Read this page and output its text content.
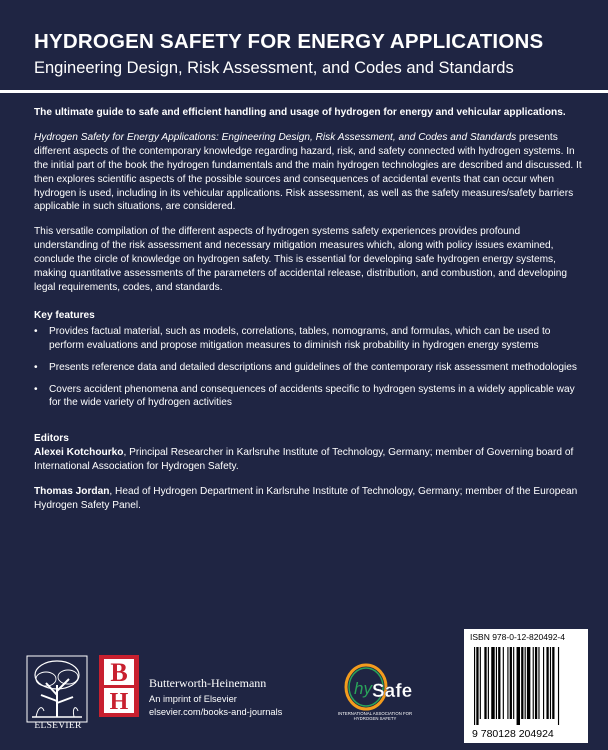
HYDROGEN SAFETY FOR ENERGY APPLICATIONS
Engineering Design, Risk Assessment, and Codes and Standards

The ultimate guide to safe and efficient handling and usage of hydrogen for energy and vehicular applications.

Hydrogen Safety for Energy Applications: Engineering Design, Risk Assessment, and Codes and Standards presents different aspects of the contemporary knowledge regarding hazard, risk, and safety connected with hydrogen systems. In the initial part of the book the hydrogen fundamentals and the main hydrogen technologies are described and discussed. It then explores scientific aspects of the possible sources and consequences of accidental events that can occur when hydrogen is used, including in its vehicular applications. Risk assessment, as well as the safety measures/safety barriers applicable in such situations, are considered.

This versatile compilation of the different aspects of hydrogen systems safety experiences provides profound understanding of the risk assessment and necessary mitigation measures which, along with policy issues examined, conclude the circle of knowledge on hydrogen safety. This is essential for developing safe hydrogen energy systems, making quantitative assessments of the parameters of accidental release, distribution, and combustion, and developing legal requirements, codes, and standards.

Key features

• Provides factual material, such as models, correlations, tables, nomograms, and formulas, which can be used to perform evaluations and propose mitigation measures to diminish risk probability in hydrogen energy systems
• Presents reference data and detailed descriptions and guidelines of the contemporary risk assessment methodologies
• Covers accident phenomena and consequences of accidents specific to hydrogen systems in a widely applicable way for the wide variety of hydrogen activities

Editors

Alexei Kotchourko, Principal Researcher in Karlsruhe Institute of Technology, Germany; member of Governing board of International Association for Hydrogen Safety.

Thomas Jordan, Head of Hydrogen Department in Karlsruhe Institute of Technology, Germany; member of the European Hydrogen Safety Panel.

ELSEVIER
B
H
Butterworth-Heinemann
An imprint of Elsevier
elsevier.com/books-and-journals
hy Safe
INTERNATIONAL ASSOCIATION FOR HYDROGEN SAFETY
ISBN 978-0-12-820492-4
9 780128 204924
